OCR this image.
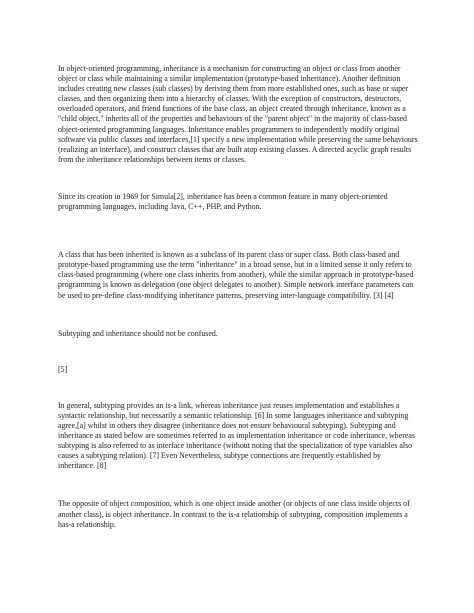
In object-oriented programming, inheritance is a mechanism for constructing an object or class from another object or class while maintaining a similar implementation (prototype-based inheritance). Another definition includes creating new classes (sub classes) by deriving them from more established ones, such as base or super classes, and then organizing them into a hierarchy of classes. With the exception of constructors, destructors, overloaded operators, and friend functions of the base class, an object created through inheritance, known as a "child object," inherits all of the properties and behaviours of the "parent object" in the majority of class-based object-oriented programming languages. Inheritance enables programmers to independently modify original software via public classes and interfaces,[1] specify a new implementation while preserving the same behaviours (realizing an interface), and construct classes that are built atop existing classes. A directed acyclic graph results from the inheritance relationships between items or classes.

Since its creation in 1969 for Simula[2], inheritance has been a common feature in many object-oriented programming languages, including Java, C++, PHP, and Python.

A class that has been inherited is known as a subclass of its parent class or super class. Both class-based and prototype-based programming use the term "inheritance" in a broad sense, but in a limited sense it only refers to class-based programming (where one class inherits from another), while the similar approach in prototype-based programming is known as delegation (one object delegates to another). Simple network interface parameters can be used to pre-define class-modifying inheritance patterns, preserving inter-language compatibility. [3] [4]

Subtyping and inheritance should not be confused.

[5]

In general, subtyping provides an is-a link, whereas inheritance just reuses implementation and establishes a syntactic relationship, but necessarily a semantic relationship. [6] In some languages inheritance and subtyping agree,[a] whilst in others they disagree (inheritance does not ensure behavioural subtyping). Subtyping and inheritance as stated below are sometimes referred to as implementation inheritance or code inheritance, whereas subtyping is also referred to as interface inheritance (without noting that the specialization of type variables also causes a subtyping relation). [7] Even Nevertheless, subtype connections are frequently established by inheritance. [8]

The opposite of object composition, which is one object inside another (or objects of one class inside objects of another class), is object inheritance. In contrast to the is-a relationship of subtyping, composition implements a has-a relationship.
